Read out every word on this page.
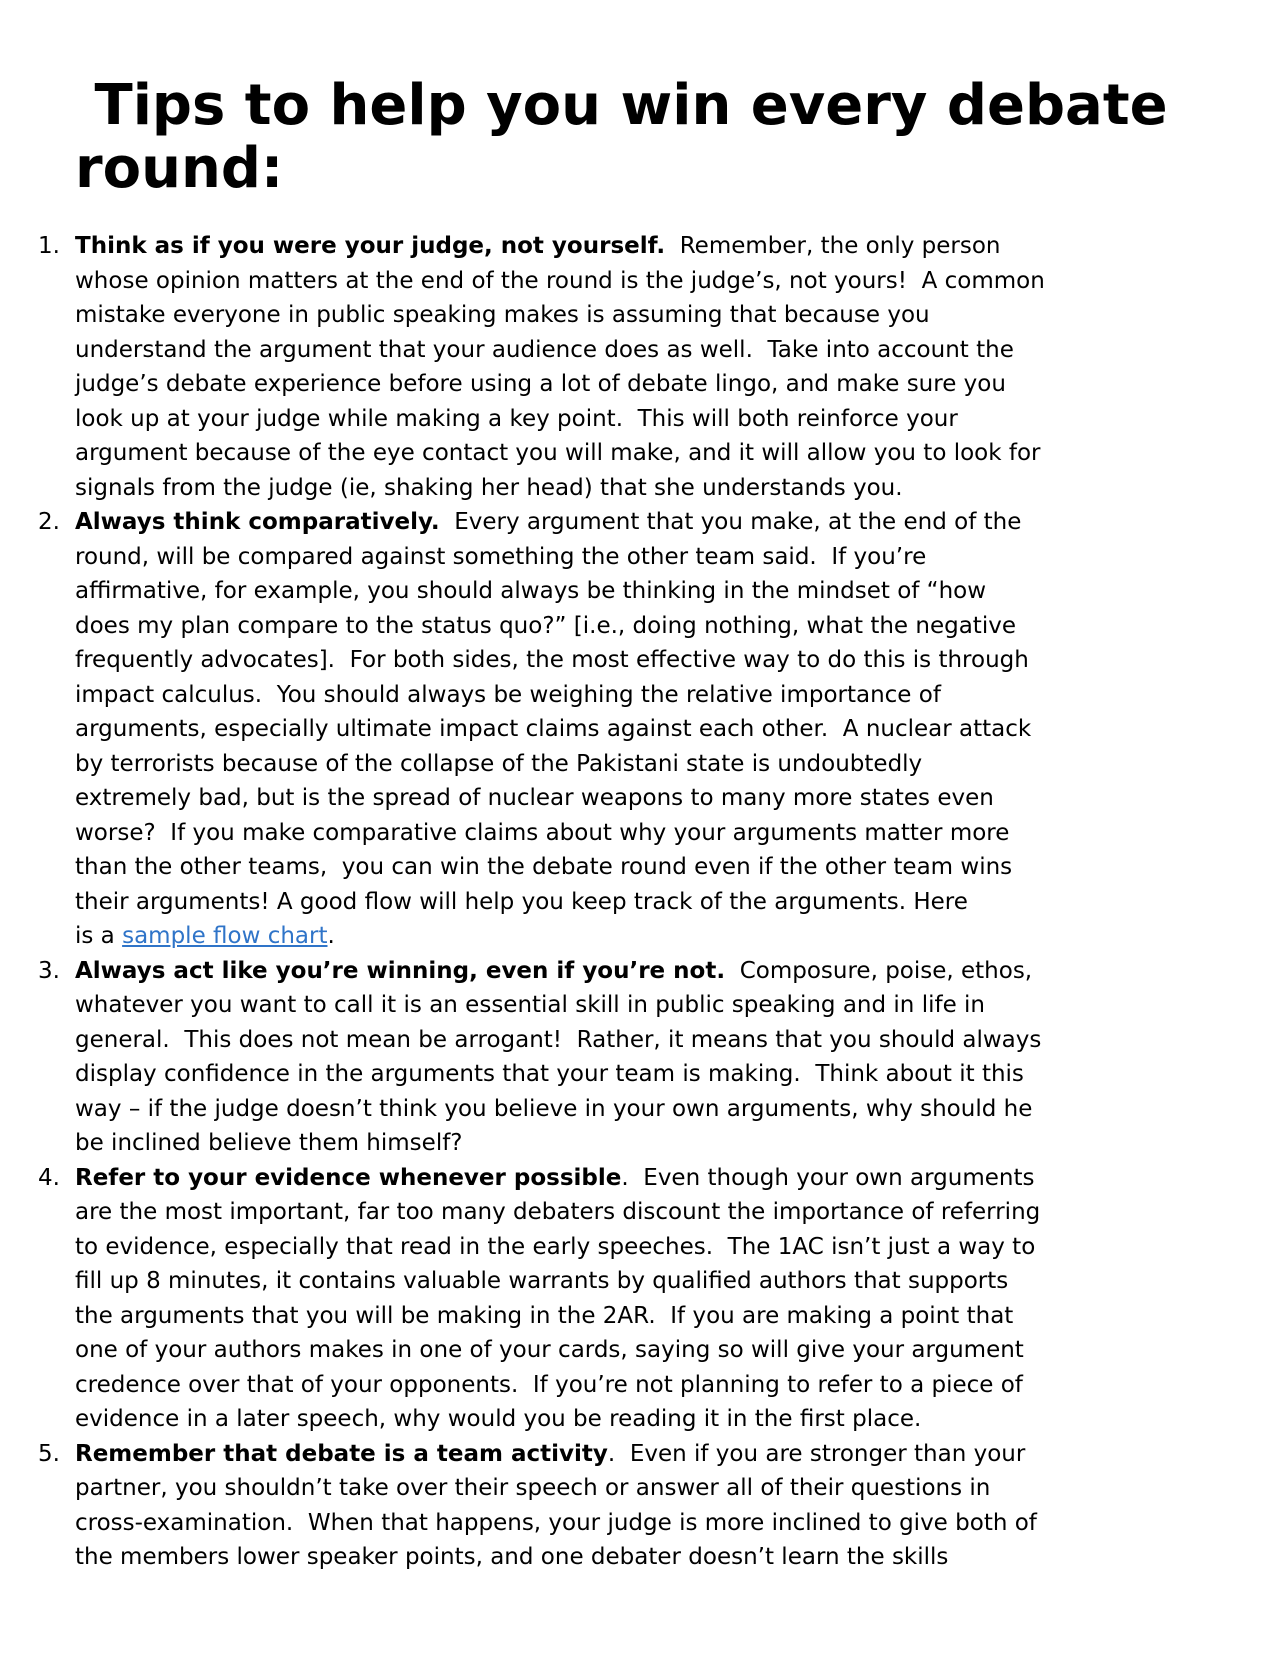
Tips to help you win every debate
round:
1. Think as if you were your judge, not yourself.  Remember, the only person
whose opinion matters at the end of the round is the judge’s, not yours!  A common
mistake everyone in public speaking makes is assuming that because you
understand the argument that your audience does as well.  Take into account the
judge’s debate experience before using a lot of debate lingo, and make sure you
look up at your judge while making a key point.  This will both reinforce your
argument because of the eye contact you will make, and it will allow you to look for
signals from the judge (ie, shaking her head) that she understands you.
2. Always think comparatively.  Every argument that you make, at the end of the
round, will be compared against something the other team said.  If you’re
affirmative, for example, you should always be thinking in the mindset of “how
does my plan compare to the status quo?” [i.e., doing nothing, what the negative
frequently advocates].  For both sides, the most effective way to do this is through
impact calculus.  You should always be weighing the relative importance of
arguments, especially ultimate impact claims against each other.  A nuclear attack
by terrorists because of the collapse of the Pakistani state is undoubtedly
extremely bad, but is the spread of nuclear weapons to many more states even
worse?  If you make comparative claims about why your arguments matter more
than the other teams,  you can win the debate round even if the other team wins
their arguments! A good flow will help you keep track of the arguments. Here
is a sample flow chart.
3. Always act like you’re winning, even if you’re not.  Composure, poise, ethos,
whatever you want to call it is an essential skill in public speaking and in life in
general.  This does not mean be arrogant!  Rather, it means that you should always
display confidence in the arguments that your team is making.  Think about it this
way – if the judge doesn’t think you believe in your own arguments, why should he
be inclined believe them himself?
4. Refer to your evidence whenever possible.  Even though your own arguments
are the most important, far too many debaters discount the importance of referring
to evidence, especially that read in the early speeches.  The 1AC isn’t just a way to
fill up 8 minutes, it contains valuable warrants by qualified authors that supports
the arguments that you will be making in the 2AR.  If you are making a point that
one of your authors makes in one of your cards, saying so will give your argument
credence over that of your opponents.  If you’re not planning to refer to a piece of
evidence in a later speech, why would you be reading it in the first place.
5. Remember that debate is a team activity.  Even if you are stronger than your
partner, you shouldn’t take over their speech or answer all of their questions in
cross-examination.  When that happens, your judge is more inclined to give both of
the members lower speaker points, and one debater doesn’t learn the skills
